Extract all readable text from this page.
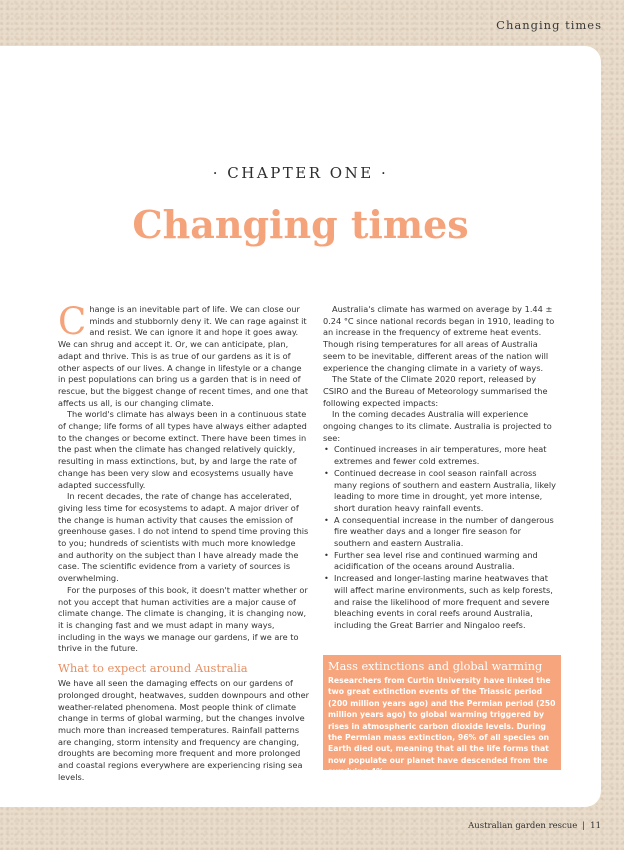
Changing times
· CHAPTER ONE ·
Changing times

Change is an inevitable part of life. We can close our minds and stubbornly deny it. We can rage against it and resist. We can ignore it and hope it goes away. We can shrug and accept it. Or, we can anticipate, plan, adapt and thrive. This is as true of our gardens as it is of other aspects of our lives. A change in lifestyle or a change in pest populations can bring us a garden that is in need of rescue, but the biggest change of recent times, and one that affects us all, is our changing climate.

The world's climate has always been in a continuous state of change; life forms of all types have always either adapted to the changes or become extinct. There have been times in the past when the climate has changed relatively quickly, resulting in mass extinctions, but, by and large the rate of change has been very slow and ecosystems usually have adapted successfully.

In recent decades, the rate of change has accelerated, giving less time for ecosystems to adapt. A major driver of the change is human activity that causes the emission of greenhouse gases. I do not intend to spend time proving this to you; hundreds of scientists with much more knowledge and authority on the subject than I have already made the case. The scientific evidence from a variety of sources is overwhelming.

For the purposes of this book, it doesn't matter whether or not you accept that human activities are a major cause of climate change. The climate is changing, it is changing now, it is changing fast and we must adapt in many ways, including in the ways we manage our gardens, if we are to thrive in the future.

What to expect around Australia

We have all seen the damaging effects on our gardens of prolonged drought, heatwaves, sudden downpours and other weather-related phenomena. Most people think of climate change in terms of global warming, but the changes involve much more than increased temperatures. Rainfall patterns are changing, storm intensity and frequency are changing, droughts are becoming more frequent and more prolonged and coastal regions everywhere are experiencing rising sea levels.

Australia's climate has warmed on average by 1.44 ± 0.24 °C since national records began in 1910, leading to an increase in the frequency of extreme heat events. Though rising temperatures for all areas of Australia seem to be inevitable, different areas of the nation will experience the changing climate in a variety of ways.

The State of the Climate 2020 report, released by CSIRO and the Bureau of Meteorology summarised the following expected impacts:

In the coming decades Australia will experience ongoing changes to its climate. Australia is projected to see:

• Continued increases in air temperatures, more heat extremes and fewer cold extremes.
• Continued decrease in cool season rainfall across many regions of southern and eastern Australia, likely leading to more time in drought, yet more intense, short duration heavy rainfall events.
• A consequential increase in the number of dangerous fire weather days and a longer fire season for southern and eastern Australia.
• Further sea level rise and continued warming and acidification of the oceans around Australia.
• Increased and longer-lasting marine heatwaves that will affect marine environments, such as kelp forests, and raise the likelihood of more frequent and severe bleaching events in coral reefs around Australia, including the Great Barrier and Ningaloo reefs.
Mass extinctions and global warming
Researchers from Curtin University have linked the two great extinction events of the Triassic period (200 million years ago) and the Permian period (250 million years ago) to global warming triggered by rises in atmospheric carbon dioxide levels. During the Permian mass extinction, 96% of all species on Earth died out, meaning that all the life forms that now populate our planet have descended from the surviving 4%.
Australian garden rescue | 11
